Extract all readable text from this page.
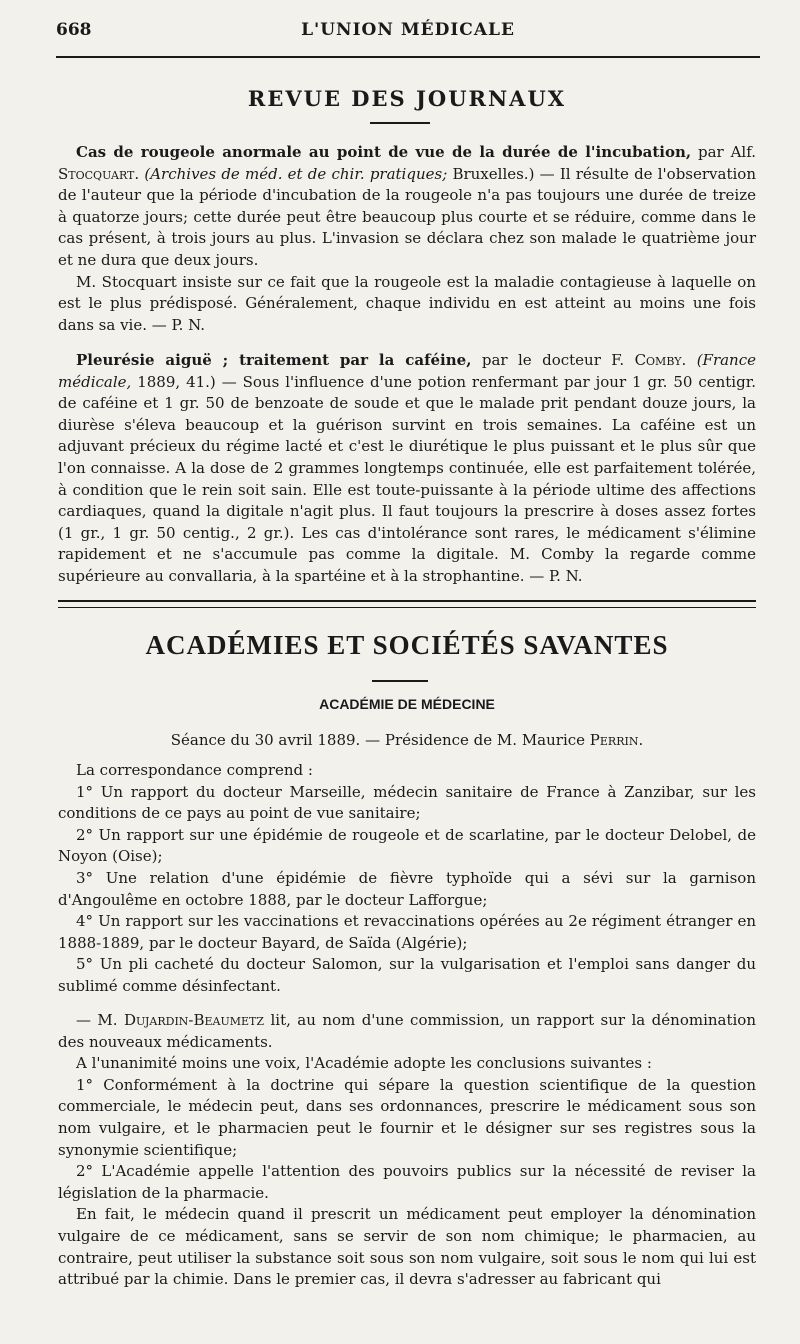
668	L'UNION MÉDICALE
REVUE DES JOURNAUX

Cas de rougeole anormale au point de vue de la durée de l'incubation, par Alf. Stocquart. (Archives de méd. et de chir. pratiques; Bruxelles.) — Il résulte de l'observation de l'auteur que la période d'incubation de la rougeole n'a pas toujours une durée de treize à quatorze jours; cette durée peut être beaucoup plus courte et se réduire, comme dans le cas présent, à trois jours au plus. L'invasion se déclara chez son malade le quatrième jour et ne dura que deux jours.

M. Stocquart insiste sur ce fait que la rougeole est la maladie contagieuse à laquelle on est le plus prédisposé. Généralement, chaque individu en est atteint au moins une fois dans sa vie. — P. N.

Pleurésie aiguë ; traitement par la caféine, par le docteur F. Comby. (France médicale, 1889, 41.) — Sous l'influence d'une potion renfermant par jour 1 gr. 50 centigr. de caféine et 1 gr. 50 de benzoate de soude et que le malade prit pendant douze jours, la diurèse s'éleva beaucoup et la guérison survint en trois semaines. La caféine est un adjuvant précieux du régime lacté et c'est le diurétique le plus puissant et le plus sûr que l'on connaisse. A la dose de 2 grammes longtemps continuée, elle est parfaitement tolérée, à condition que le rein soit sain. Elle est toute-puissante à la période ultime des affections cardiaques, quand la digitale n'agit plus. Il faut toujours la prescrire à doses assez fortes (1 gr., 1 gr. 50 centig., 2 gr.). Les cas d'intolérance sont rares, le médicament s'élimine rapidement et ne s'accumule pas comme la digitale. M. Comby la regarde comme supérieure au convallaria, à la spartéine et à la strophantine. — P. N.

ACADÉMIES ET SOCIÉTÉS SAVANTES
ACADÉMIE DE MÉDECINE

Séance du 30 avril 1889. — Présidence de M. Maurice Perrin.

La correspondance comprend :

1° Un rapport du docteur Marseille, médecin sanitaire de France à Zanzibar, sur les conditions de ce pays au point de vue sanitaire;

2° Un rapport sur une épidémie de rougeole et de scarlatine, par le docteur Delobel, de Noyon (Oise);

3° Une relation d'une épidémie de fièvre typhoïde qui a sévi sur la garnison d'Angoulême en octobre 1888, par le docteur Lafforgue;

4° Un rapport sur les vaccinations et revaccinations opérées au 2e régiment étranger en 1888-1889, par le docteur Bayard, de Saïda (Algérie);

5° Un pli cacheté du docteur Salomon, sur la vulgarisation et l'emploi sans danger du sublimé comme désinfectant.

— M. Dujardin-Beaumetz lit, au nom d'une commission, un rapport sur la dénomination des nouveaux médicaments.

A l'unanimité moins une voix, l'Académie adopte les conclusions suivantes :

1° Conformément à la doctrine qui sépare la question scientifique de la question commerciale, le médecin peut, dans ses ordonnances, prescrire le médicament sous son nom vulgaire, et le pharmacien peut le fournir et le désigner sur ses registres sous la synonymie scientifique;

2° L'Académie appelle l'attention des pouvoirs publics sur la nécessité de reviser la législation de la pharmacie.

En fait, le médecin quand il prescrit un médicament peut employer la dénomination vulgaire de ce médicament, sans se servir de son nom chimique; le pharmacien, au contraire, peut utiliser la substance soit sous son nom vulgaire, soit sous le nom qui lui est attribué par la chimie. Dans le premier cas, il devra s'adresser au fabricant qui
